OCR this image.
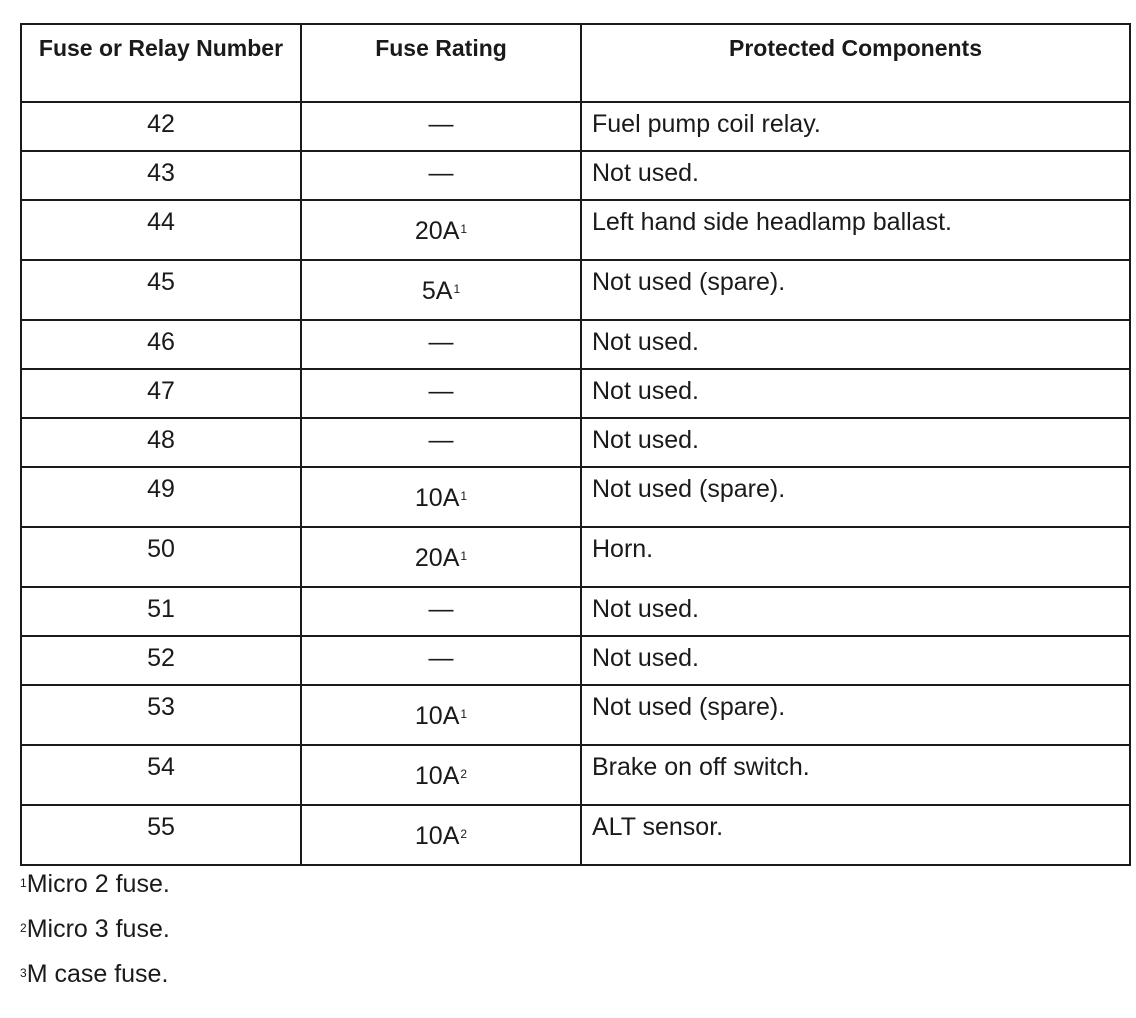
Fuse or Relay Number	Fuse Rating	Protected Components
42	—	Fuel pump coil relay.
43	—	Not used.
44	$20A^1$	Left hand side headlamp ballast.
45	$5A^1$	Not used (spare).
46	—	Not used.
47	—	Not used.
48	—	Not used.
49	$10A^1$	Not used (spare).
50	$20A^1$	Horn.
51	—	Not used.
52	—	Not used.
53	$10A^1$	Not used (spare).
54	$10A^2$	Brake on off switch.
55	$10A^2$	ALT sensor.
$^1$Micro 2 fuse.
$^2$Micro 3 fuse.
$^3$M case fuse.
